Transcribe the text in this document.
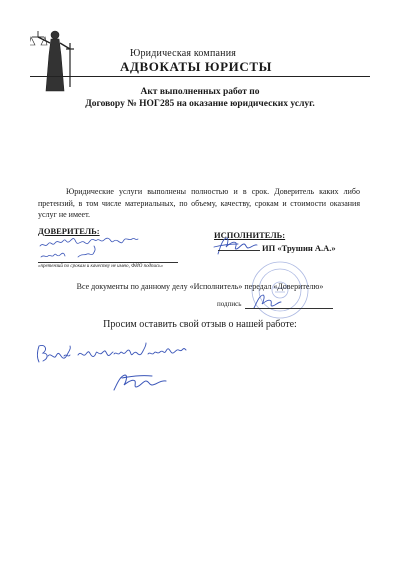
Юридическая компания
АДВОКАТЫ ЮРИСТЫ
Акт выполненных работ по
Договору № НОГ285 на оказание юридических услуг.
Юридические услуги выполнены полностью и в срок. Доверитель каких либо претензий, в том числе материальных, по объему, качеству, срокам и стоимости оказания услуг не имеет.
ДОВЕРИТЕЛЬ:	ИСПОЛНИТЕЛЬ:
«претензий по срокам и качеству не имею, ФИО подпись»
ИП «Трушин А.А.»
Все документы по данному делу «Исполнитель» передал «Доверителю»
подпись
Просим оставить свой отзыв о нашей работе:
